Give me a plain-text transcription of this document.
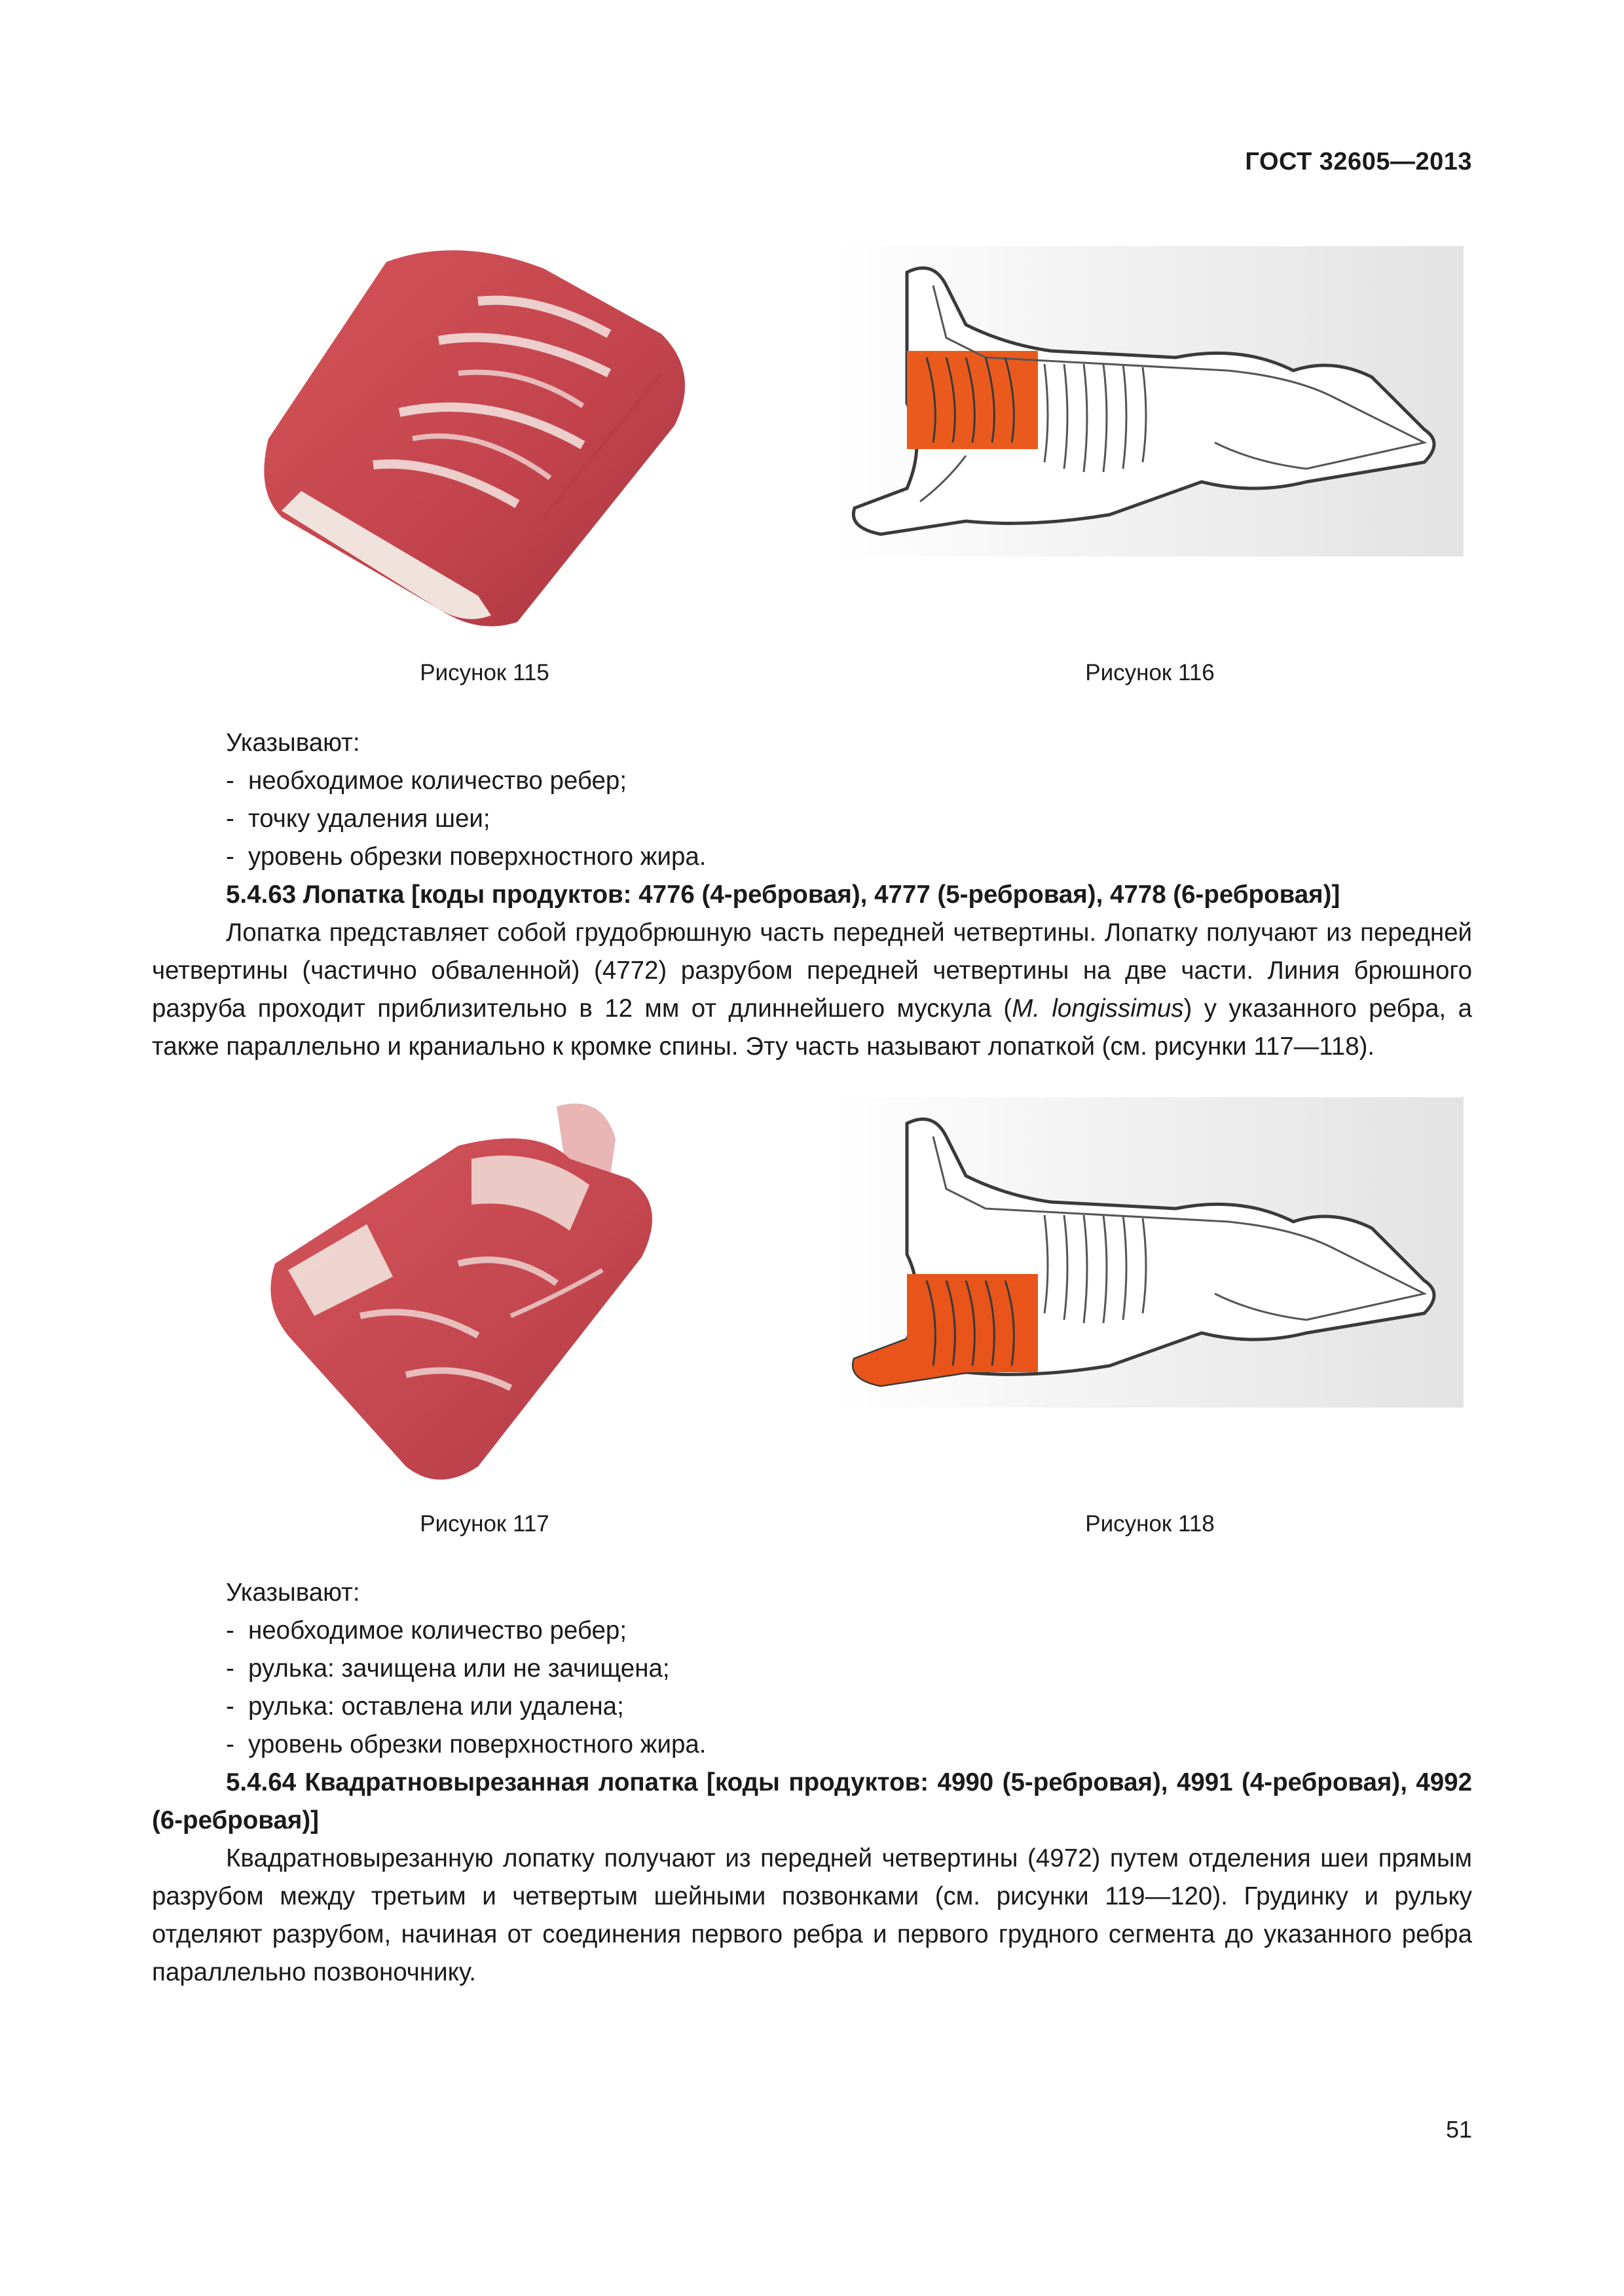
ГОСТ 32605—2013
Рисунок 115	Рисунок 116

Указывают:

- необходимое количество ребер;

- точку удаления шеи;

- уровень обрезки поверхностного жира.

5.4.63 Лопатка [коды продуктов: 4776 (4-ребровая), 4777 (5-ребровая), 4778 (6-ребровая)]

Лопатка представляет собой грудобрюшную часть передней четвертины. Лопатку получают из передней четвертины (частично обваленной) (4772) разрубом передней четвертины на две части. Линия брюшного разруба проходит приблизительно в 12 мм от длиннейшего мускула (M. longissimus) у указанного ребра, а также параллельно и краниально к кромке спины. Эту часть называют лопаткой (см. рисунки 117—118).

Рисунок 117	Рисунок 118

Указывают:

- необходимое количество ребер;

- рулька: зачищена или не зачищена;

- рулька: оставлена или удалена;

- уровень обрезки поверхностного жира.

5.4.64 Квадратновырезанная лопатка [коды продуктов: 4990 (5-ребровая), 4991 (4-ребровая), 4992 (6-ребровая)]

Квадратновырезанную лопатку получают из передней четвертины (4972) путем отделения шеи прямым разрубом между третьим и четвертым шейными позвонками (см. рисунки 119—120). Грудинку и рульку отделяют разрубом, начиная от соединения первого ребра и первого грудного сегмента до указанного ребра параллельно позвоночнику.

51
